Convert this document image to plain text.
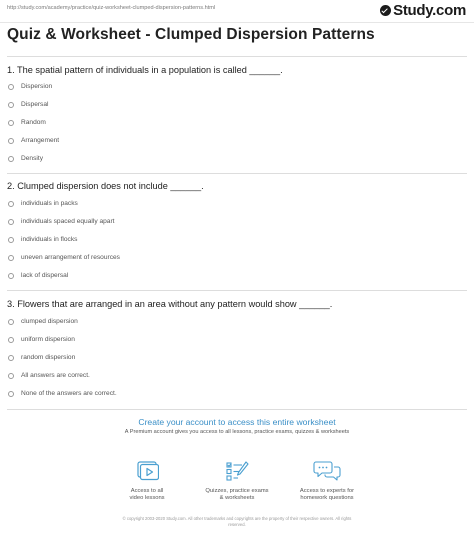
http://study.com/academy/practice/quiz-worksheet-clumped-dispersion-patterns.html	Study.com
Quiz & Worksheet - Clumped Dispersion Patterns
1. The spatial pattern of individuals in a population is called ______.
Dispersion
Dispersal
Random
Arrangement
Density
2. Clumped dispersion does not include ______.
individuals in packs
individuals spaced equally apart
individuals in flocks
uneven arrangement of resources
lack of dispersal
3. Flowers that are arranged in an area without any pattern would show ______.
clumped dispersion
uniform dispersion
random dispersion
All answers are correct.
None of the answers are correct.
Create your account to access this entire worksheet
A Premium account gives you access to all lessons, practice exams, quizzes & worksheets
Access to all
video lessons
Quizzes, practice exams
& worksheets
Access to experts for
homework questions
© copyright 2003-2020 Study.com. All other trademarks and copyrights are the property of their respective owners. All rights
reserved.
